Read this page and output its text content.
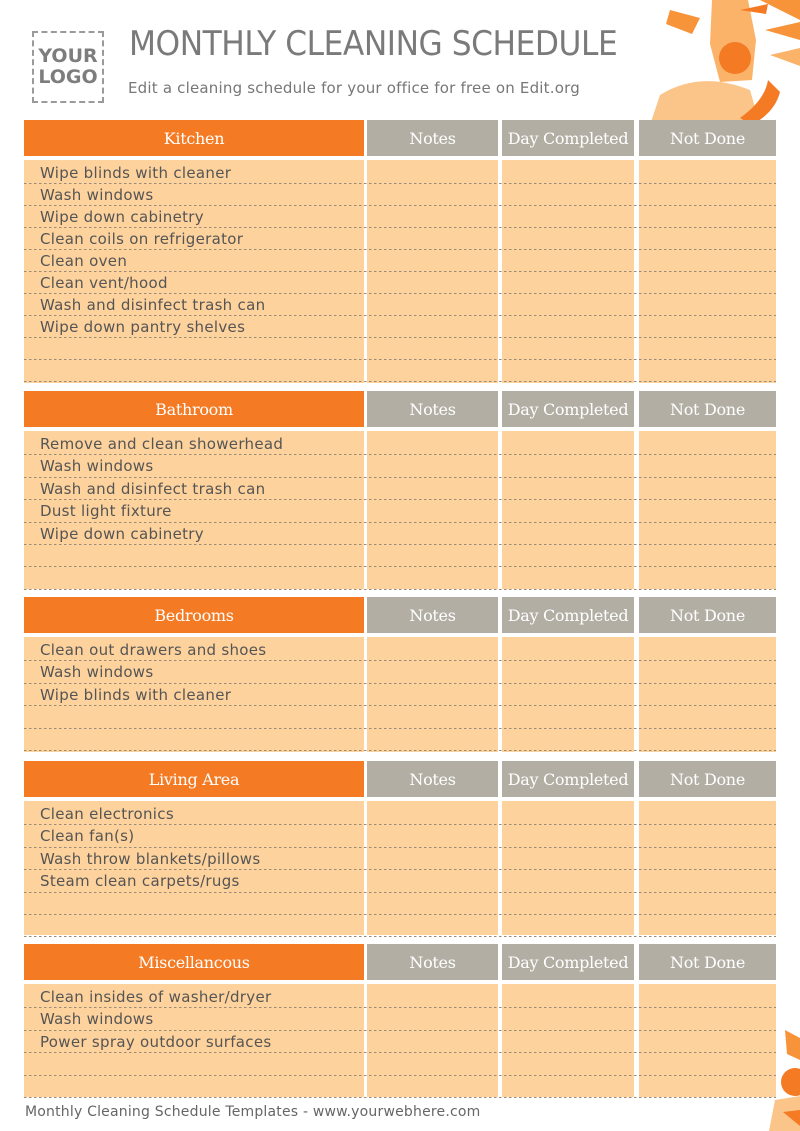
YOUR
LOGO
MONTHLY CLEANING SCHEDULE
Edit a cleaning schedule for your office for free on Edit.org
Kitchen	Notes	Day Completed	Not Done
Wipe blinds with cleaner
Wash windows
Wipe down cabinetry
Clean coils on refrigerator
Clean oven
Clean vent/hood
Wash and disinfect trash can
Wipe down pantry shelves
Bathroom	Notes	Day Completed	Not Done
Remove and clean showerhead
Wash windows
Wash and disinfect trash can
Dust light fixture
Wipe down cabinetry
Bedrooms	Notes	Day Completed	Not Done
Clean out drawers and shoes
Wash windows
Wipe blinds with cleaner
Living Area	Notes	Day Completed	Not Done
Clean electronics
Clean fan(s)
Wash throw blankets/pillows
Steam clean carpets/rugs
Miscellancous	Notes	Day Completed	Not Done
Clean insides of washer/dryer
Wash windows
Power spray outdoor surfaces
Monthly Cleaning Schedule Templates - www.yourwebhere.com
